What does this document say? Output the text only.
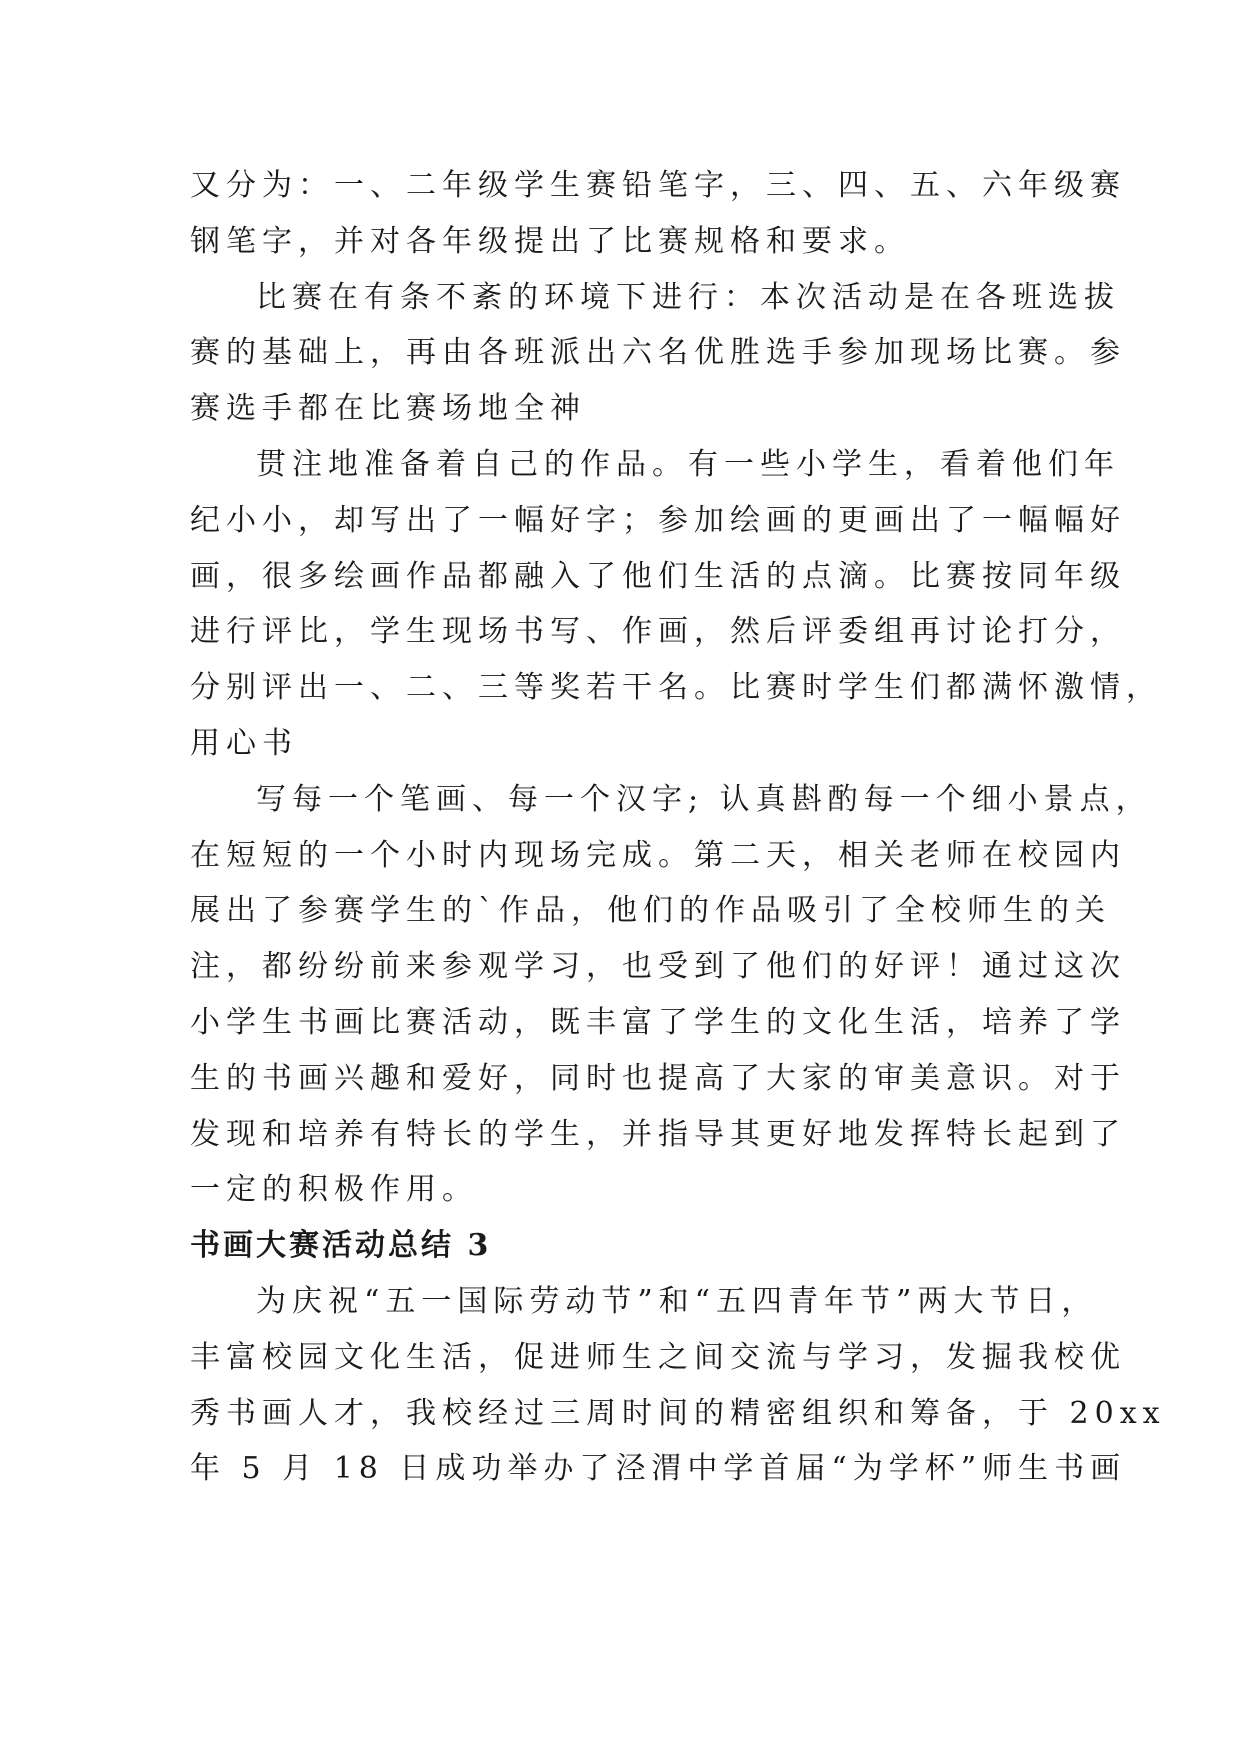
又分为：一、二年级学生赛铅笔字，三、四、五、六年级赛
钢笔字，并对各年级提出了比赛规格和要求。

比赛在有条不紊的环境下进行：本次活动是在各班选拔
赛的基础上，再由各班派出六名优胜选手参加现场比赛。参
赛选手都在比赛场地全神

贯注地准备着自己的作品。有一些小学生，看着他们年
纪小小，却写出了一幅好字；参加绘画的更画出了一幅幅好
画，很多绘画作品都融入了他们生活的点滴。比赛按同年级
进行评比，学生现场书写、作画，然后评委组再讨论打分，
分别评出一、二、三等奖若干名。比赛时学生们都满怀激情，
用心书

写每一个笔画、每一个汉字; 认真斟酌每一个细小景点，
在短短的一个小时内现场完成。第二天，相关老师在校园内
展出了参赛学生的`作品，他们的作品吸引了全校师生的关
注，都纷纷前来参观学习，也受到了他们的好评！通过这次
小学生书画比赛活动，既丰富了学生的文化生活，培养了学
生的书画兴趣和爱好，同时也提高了大家的审美意识。对于
发现和培养有特长的学生，并指导其更好地发挥特长起到了
一定的积极作用。

书画大赛活动总结 3

为庆祝“五一国际劳动节”和“五四青年节”两大节日，
丰富校园文化生活，促进师生之间交流与学习，发掘我校优
秀书画人才，我校经过三周时间的精密组织和筹备，于 20xx
年 5 月 18 日成功举办了泾渭中学首届“为学杯”师生书画
